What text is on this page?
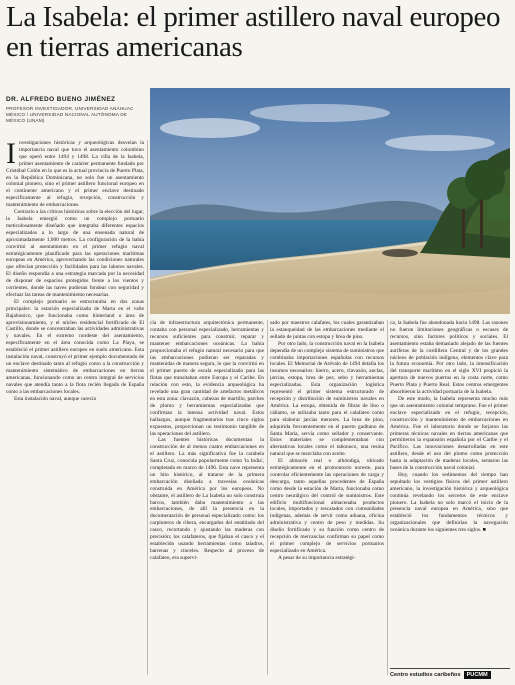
La Isabela: el primer astillero naval europeo en tierras americanas
DR. ALFREDO BUENO JIMÉNEZ
PROFESOR INVESTIGADOR, UNIVERSIDAD ANÁHUAC MÉXICO / UNIVERSIDAD NACIONAL AUTÓNOMA DE MÉXICO (UNAM)

Investigaciones históricas y arqueológicas desvelan la importancia naval que tuvo el asentamiento colombino que operó entre 1494 y 1498. La villa de la Isabela, primer asentamiento de carácter permanente fundado por Cristóbal Colón en lo que es la actual provincia de Puerto Plata, en la República Dominicana, no solo fue un asentamiento colonial pionero, sino el primer astillero funcional europeo en el continente americano y el primer enclave destinado específicamente al refugio, recepción, construcción y mantenimiento de embarcaciones.

Contrario a las críticas históricas sobre la elección del lugar, la Isabela emergió como un complejo portuario meticulosamente diseñado que integraba diferentes espacios especializados a lo largo de una ensenada natural de aproximadamente 1,600 metros. La configuración de la bahía convirtió al asentamiento en el primer refugio naval estratégicamente planificado para las operaciones marítimas europeas en América, aprovechando las condiciones naturales que ofrecían protección y facilidades para las labores navales. El diseño respondía a una estrategia marcada por la necesidad de disponer de espacios protegidos frente a los vientos y corrientes, donde las naves pudieran fondear con seguridad y efectuar las tareas de mantenimiento necesarias.

El complejo portuario se estructuraba en dos zonas principales: la estación especializada de Marta en el valle Bajabonico, que funcionaba como hinterland o área de aprovisionamiento, y el núcleo residencial fortificado de El Castillo, donde se concentraban las actividades administrativas y navales. En el extremo nordeste del asentamiento, específicamente en el área conocida como La Playa, se estableció el primer astillero europeo en suelo americano. Esta instalación naval, construyó el primer ejemplo documentado de un enclave destinado tanto al refugio como a la construcción y mantenimiento sistemático de embarcaciones en tierras americanas, funcionando como un centro integral de servicios navales que atendía tanto a la flota recién llegada de España como a las embarcaciones locales.

Esta instalación naval, aunque carecía

cía de infraestructura arquitectónica permanente, contaba con personal especializado, herramientas y recursos suficientes para construir, reparar y mantener embarcaciones oceánicas. La bahía proporcionaba el refugio natural necesario para que las embarcaciones pudieran ser reparadas y mantenidas de manera segura, lo que la convirtió en el primer puerto de escala especializado para las flotas que transitaban entre Europa y el Caribe. En relación con esto, la evidencia arqueológica ha revelado una gran cantidad de artefactos metálicos en esta zona: clavazón, cabezas de martillo, parches de plomo y herramientas especializadas que confirman la intensa actividad naval. Estos hallazgos, aunque fragmentarios tras cinco siglos expuestos, proporcionan un testimonio tangible de las operaciones del astillero.

Las fuentes históricas documentan la construcción de al menos cuatro embarcaciones en el astillero. La más significativa fue la carabela Santa Cruz, conocida popularmente como 'la India', completada en marzo de 1496. Esta nave representa un hito histórico, al tratarse de la primera embarcación diseñada a travesías oceánicas construida en América por los europeos. No obstante, el astillero de La Isabela no solo construía barcos, también daba mantenimiento a las embarcaciones, de allí la presencia en la documentación de personal especializado como: los carpinteros de ribera, encargados del entablado del casco, recortando y ajustando las maderas con precisión; los calafateros, que fijaban el casco y el establecido usando herramientas como taladros, barrenas y cinceles. Respecto al proceso de calafateo, era supervi-

sado por maestros calafates, los cuales garantizaban la estanqueidad de las embarcaciones mediante el sellado de juntas con estopa y brea de pino.

Por otro lado, la construcción naval en la Isabela dependía de un complejo sistema de suministros que combinaba importaciones españolas con recursos locales. El Memorial de Arévalo de 1494 detalla los insumos necesarios: hierro, acero, clavazón, anclas, jarcias, estopa, brea de pez, sebo y herramientas especializadas. Esta organización logística representó el primer sistema estructurado de recepción y distribución de suministros navales en América. La estopa, obtenida de fibras de lino o cáñamo, se utilizaba tanto para el calafateo como para elaborar jarcias menores. La brea de pino, adquirida frecuentemente en el puerto gaditano de Santa María, servía como sellador y conservante. Estos materiales se complementaban con alternativas locales como el tabonuco, una resina natural que se mezclaba con aceite.

El almacén real o alhóndiga, ubicado estratégicamente en el promontorio noreste, para controlar eficientemente las operaciones de carga y descarga, tanto aquellas procedentes de España como desde la estación de Marta, funcionaba como centro neurálgico del control de suministros. Este edificio multifuncional almacenaba productos locales, importados y rescatados con comunidades indígenas, además de servir como aduana, oficina administrativa y centro de peso y medidas. Su diseño fortificado y su función como centro de recepción de mercancías confirman su papel como el primer complejo de servicios portuarios especializado en América.

A pesar de su importancia estratégi-

ca, la Isabela fue abandonada hacia 1498. Las razones no fueron limitaciones geográficas o escasez de recursos, sino factores políticos y sociales. El asentamiento estaba demasiado alejado de las fuentes auríferas de la cordillera Central y de los grandes núcleos de población indígena, elementos clave para la futura economía. Por otro lado, la intensificación del transporte marítimo en el siglo XVI propició la apertura de nuevos puertos en la costa norte, como Puerto Plata y Puerto Real. Estos centros emergentes absorbieron la actividad portuaria de la Isabela.

De este modo, la Isabela representa mucho más que un asentamiento colonial temprano. Fue el primer enclave especializado en el refugio, recepción, construcción y mantenimiento de embarcaciones en América. Fue el laboratorio donde se forjaron las primeras técnicas navales en tierras americanas que permitieron la expansión española por el Caribe y el Pacífico. Las innovaciones desarrolladas en este astillero, desde el uso del plomo como protección hasta la adaptación de maderas locales, sentaron las bases de la construcción naval colonial.

Hoy, cuando los sedimentos del tiempo han sepultado los vestigios físicos del primer astillero americano, la investigación histórica y arqueológica continúa revelando los secretos de este enclave pionero. La Isabela no solo marcó el inicio de la presencia naval europea en América, sino que estableció los fundamentos técnicos y organizacionales que definirían la navegación oceánica durante los siguientes tres siglos. ■

Centro estudios caribeños	PUCMM
